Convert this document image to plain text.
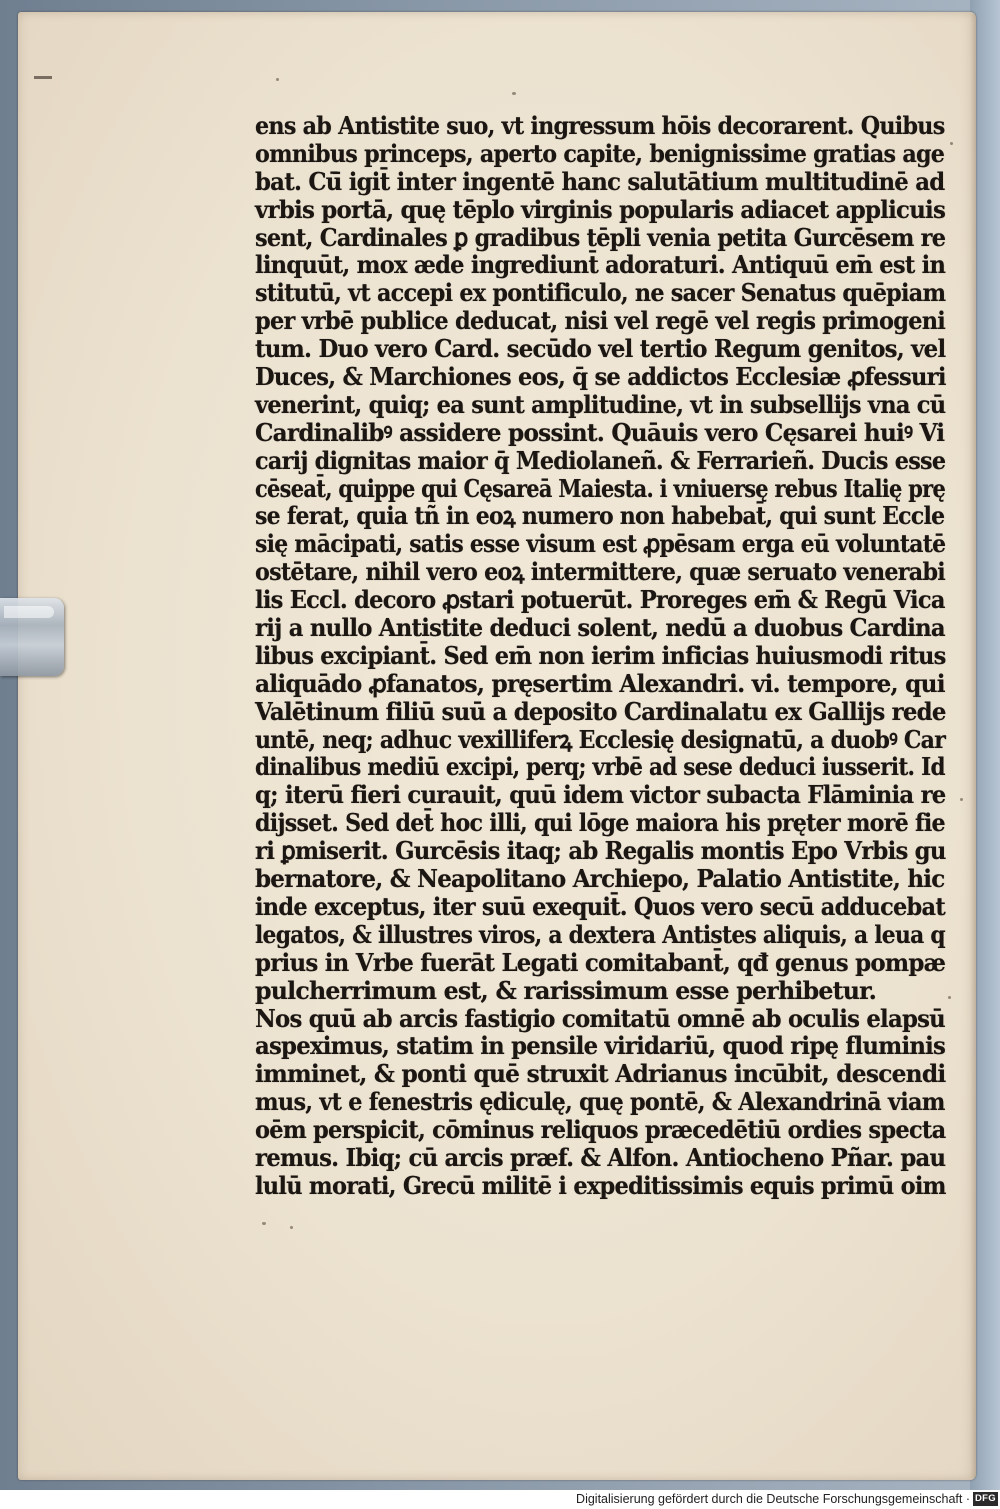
ens ab Antistite suo, vt ingressum hōis decorarent. Quibus
omnibus princeps, aperto capite, benignissime gratias age
bat. Cū̄ igit̄ inter ingentē hanc salutātium multitudinē ad
vrbis portā, quę tēplo virginis popularis adiacet applicuis
sent, Cardinales ꝑ gradibus tēpli venia petita Gurcēsem re
linquūt, mox æde ingrediunt̄ adoraturi. Antiquū em̄ est in
stitutū, vt accepi ex pontificulo, ne sacer Senatus quēpiam
per vrbē publice deducat, nisi vel regē vel regis primogeni
tum. Duo vero Card. secūdo vel tertio Regum genitos, vel
Duces, & Marchiones eos, q̄ se addictos Ecclesiæ ꝓfessuri
venerint, quiq; ea sunt amplitudine, vt in subsellijs vna cū
Cardinalibꝰ assidere possint. Quāuis vero Cęsarei huiꝰ Vi
carij dignitas maior q̄ Mediolaneñ. & Ferrarieñ. Ducis esse
cēseat̄, quippe qui Cęsareā Maiesta. i vniuersę rebus Italię prę
se ferat, quia tñ in eoꝝ numero non habebat̄, qui sunt Eccle
się mācipati, satis esse visum est ꝓpēsam erga eū voluntatē
ostētare, nihil vero eoꝝ intermittere, quæ seruato venerabi
lis Eccl. decoro ꝓstari potuerūt. Proreges em̄ & Regū Vica
rij a nullo Antistite deduci solent, nedū a duobus Cardina
libus excipiant̄. Sed em̄ non ierim inficias huiusmodi ritus
aliquādo ꝓfanatos, pręsertim Alexandri. vi. tempore, qui
Valētinum filiū suū a deposito Cardinalatu ex Gallijs rede
untē, neq; adhuc vexilliferꝝ Ecclesię designatū, a duobꝰ Car
dinalibus mediū excipi, perq; vrbē ad sese deduci iusserit. Id
q; iterū fieri curauit, quū idem victor subacta Flāminia re
dijsset. Sed det̄ hoc illi, qui lōge maiora his pręter morē fie
ri ꝑmiserit. Gurcēsis itaq; ab Regalis montis Epo Vrbis gu
bernatore, & Neapolitano Archiepo, Palatio Antistite, hic
inde exceptus, iter suū exequit̄. Quos vero secū adducebat
legatos, & illustres viros, a dextera Antistes aliquis, a leua q
prius in Vrbe fuerāt Legati comitabant̄, qđ genus pompæ
pulcherrimum est, & rarissimum esse perhibetur.
Nos quū ab arcis fastigio comitatū omnē ab oculis elapsū
aspeximus, statim in pensile viridariū, quod ripę fluminis
imminet, & ponti quē struxit Adrianus incūbit, descendi
mus, vt e fenestris ędiculę, quę pontē, & Alexandrinā viam
oēm perspicit, cōminus reliquos præcedētiū ordies specta
remus. Ibiq; cū arcis præf. & Alfon. Antiocheno Pñar. pau
lulū morati, Grecū militē i expeditissimis equis primū oim
Digitalisierung gefördert durch die Deutsche Forschungsgemeinschaft · DFG
